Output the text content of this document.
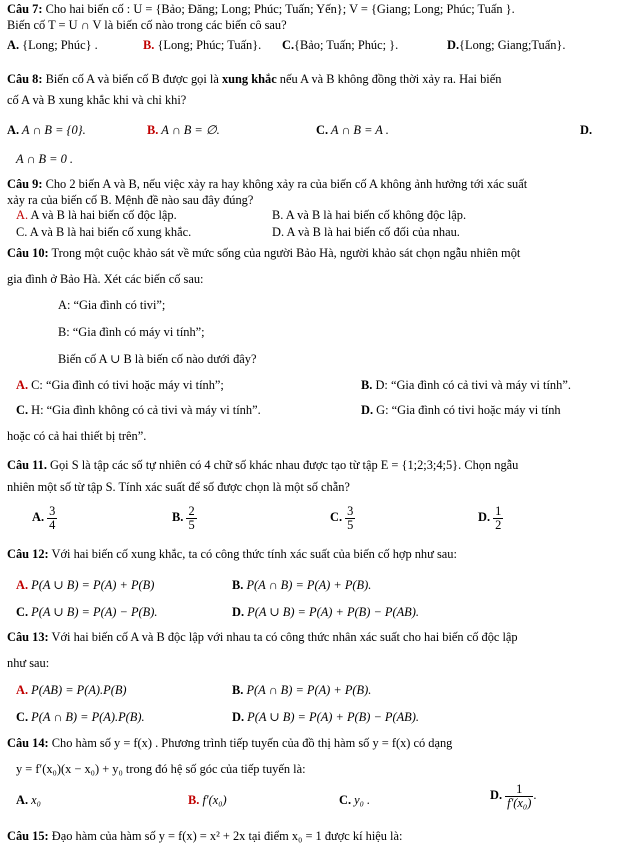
Câu 7: Cho hai biến cố : U = {Bảo; Đăng; Long; Phúc; Tuấn; Yến}; V = {Giang; Long; Phúc; Tuấn }.
Biến cố T = U ∩ V là biến cố nào trong các biến cô sau?
A. {Long; Phúc} .	B. {Long; Phúc; Tuấn}. C.{Bảo; Tuấn; Phúc; }.	D.{Long; Giang;Tuấn}.
Câu 8: Biến cố A và biến cố B được gọi là xung khắc nếu A và B không đồng thời xảy ra. Hai biến
cố A và B xung khắc khi và chỉ khi?
A. A ∩ B = {0}.	B. A ∩ B = ∅.	C. A ∩ B = A .	D.
A ∩ B = 0 .
Câu 9: Cho 2 biến A và B, nếu việc xảy ra hay không xảy ra của biến cố A không ảnh hưởng tới xác suất
xảy ra của biến cố B. Mệnh đề nào sau đây đúng?
A. A và B là hai biến cố độc lập.	B. A và B là hai biến cố không độc lập.
C. A và B là hai biến cố xung khắc.	D. A và B là hai biến cố đối của nhau.
Câu 10: Trong một cuộc khảo sát về mức sống của người Bảo Hà, người khảo sát chọn ngẫu nhiên một
gia đình ở Bảo Hà. Xét các biến cố sau:
A: “Gia đình có tivi”;
B: “Gia đình có máy vi tính”;
Biến cố A ∪ B là biến cố nào dưới đây?
A. C: “Gia đình có tivi hoặc máy vi tính”;	B. D: “Gia đình có cả tivi và máy vi tính”.
C. H: “Gia đình không có cả tivi và máy vi tính”.	D. G: “Gia đình có tivi hoặc máy vi tính
hoặc có cả hai thiết bị trên”.
Câu 11. Gọi S là tập các số tự nhiên có 4 chữ số khác nhau được tạo từ tập E = {1;2;3;4;5}. Chọn ngẫu
nhiên một số từ tập S. Tính xác suất để số được chọn là một số chẵn?
A. $\frac{3}{4}$	B. $\frac{2}{5}$	C. $\frac{3}{5}$	D. $\frac{1}{2}$
Câu 12: Với hai biến cố xung khắc, ta có công thức tính xác suất của biến cố hợp như sau:
A. P(A ∪ B) = P(A) + P(B)	B. P(A ∩ B) = P(A) + P(B).
C. P(A ∪ B) = P(A) − P(B).	D. P(A ∪ B) = P(A) + P(B) − P(AB).
Câu 13: Với hai biến cố A và B độc lập với nhau ta có công thức nhân xác suất cho hai biến cố độc lập
như sau:
A. P(AB) = P(A).P(B)	B. P(A ∩ B) = P(A) + P(B).
C. P(A ∩ B) = P(A).P(B).	D. P(A ∪ B) = P(A) + P(B) − P(AB).
Câu 14: Cho hàm số y = f(x) . Phương trình tiếp tuyến của đồ thị hàm số y = f(x) có dạng
y = f′(x₀)(x − x₀) + y₀ trong đó hệ số góc của tiếp tuyến là:
A. x₀	B. f′(x₀)	C. y₀ .	D. $\frac{1}{\text{f′(x₀)}}$ .
Câu 15: Đạo hàm của hàm số y = f(x) = x² + 2x tại điểm x₀ = 1 được kí hiệu là:
